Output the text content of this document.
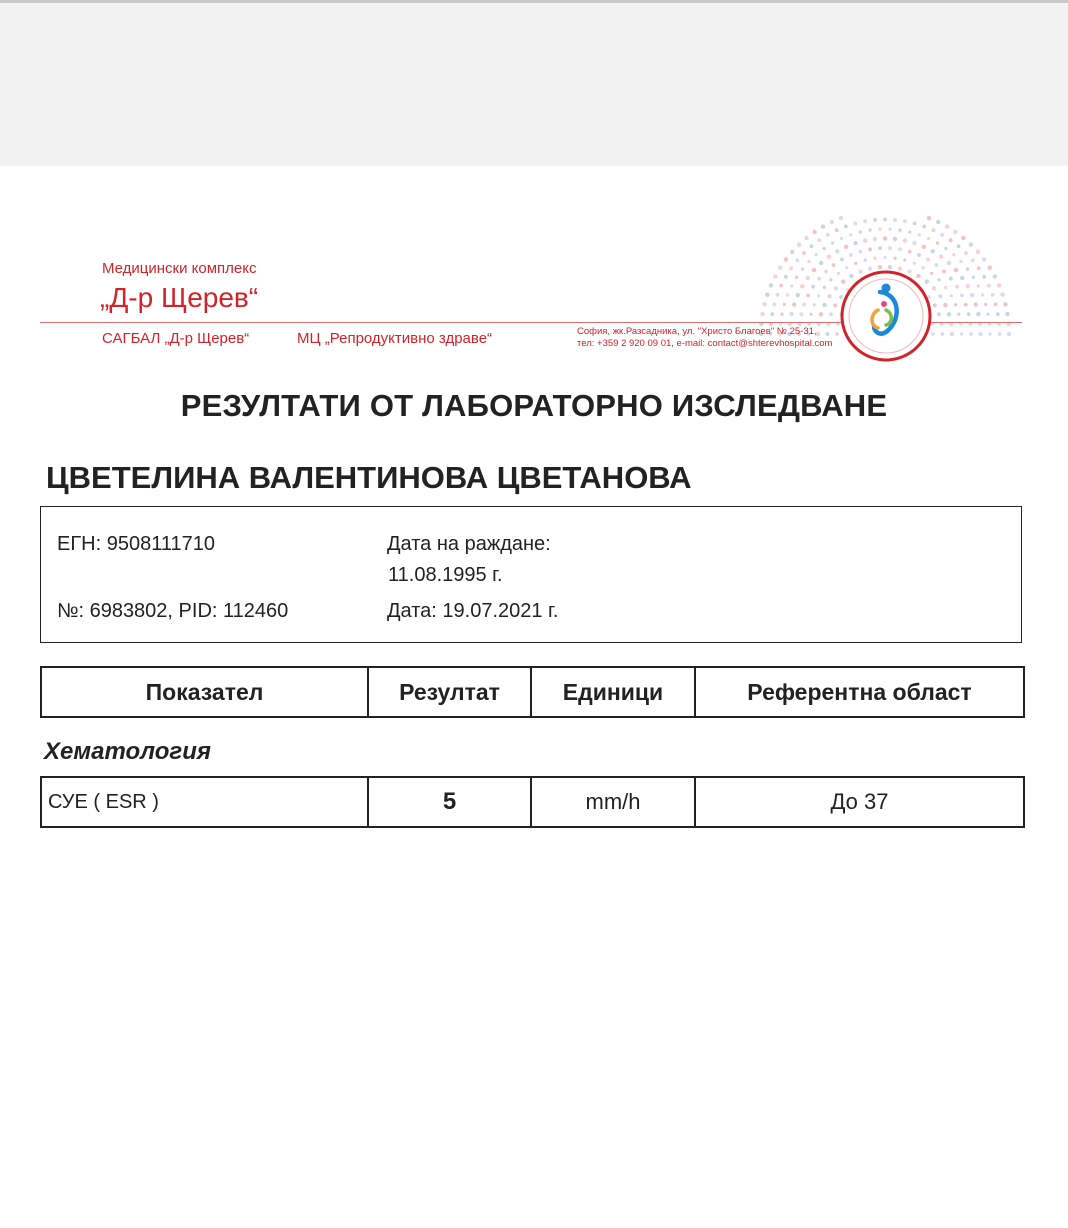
Медицински комплекс
„Д-р Щерев“
САГБАЛ „Д-р Щерев“	МЦ „Репродуктивно здраве“	София, жк.Разсадника, ул. "Христо Благоев" № 25-31,
тел: +359 2 920 09 01, e-mail: contact@shterevhospital.com
РЕЗУЛТАТИ ОТ ЛАБОРАТОРНО ИЗСЛЕДВАНЕ
ЦВЕТЕЛИНА ВАЛЕНТИНОВА ЦВЕТАНОВА
ЕГН: 9508111710	Дата на раждане:
11.08.1995 г.
№: 6983802, PID: 112460	Дата: 19.07.2021 г.
Показател	Резултат	Единици	Референтна област
Хематология
СУЕ ( ESR )	5	mm/h	До 37
